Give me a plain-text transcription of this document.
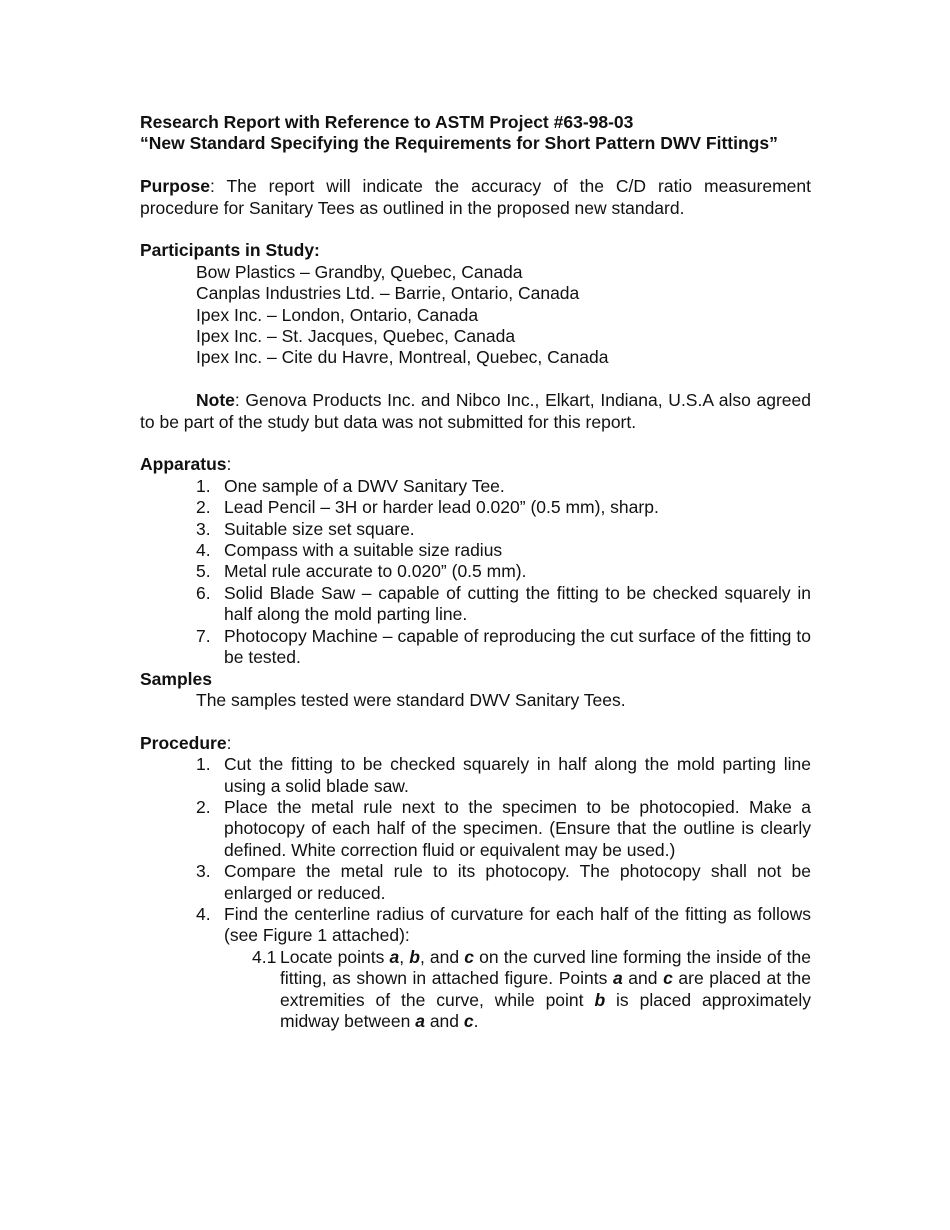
Research Report with Reference to ASTM Project #63-98-03
“New Standard Specifying the Requirements for Short Pattern DWV Fittings”
Purpose: The report will indicate the accuracy of the C/D ratio measurement procedure for Sanitary Tees as outlined in the proposed new standard.
Participants in Study:
Bow Plastics – Grandby, Quebec, Canada
Canplas Industries Ltd. – Barrie, Ontario, Canada
Ipex Inc. – London, Ontario, Canada
Ipex Inc. – St. Jacques, Quebec, Canada
Ipex Inc. – Cite du Havre, Montreal, Quebec, Canada
Note: Genova Products Inc. and Nibco Inc., Elkart, Indiana, U.S.A also agreed to be part of the study but data was not submitted for this report.
Apparatus:
1. One sample of a DWV Sanitary Tee.
2. Lead Pencil – 3H or harder lead 0.020” (0.5 mm), sharp.
3. Suitable size set square.
4. Compass with a suitable size radius
5. Metal rule accurate to 0.020” (0.5 mm).
6. Solid Blade Saw – capable of cutting the fitting to be checked squarely in half along the mold parting line.
7. Photocopy Machine – capable of reproducing the cut surface of the fitting to be tested.
Samples
The samples tested were standard DWV Sanitary Tees.
Procedure:
1. Cut the fitting to be checked squarely in half along the mold parting line using a solid blade saw.
2. Place the metal rule next to the specimen to be photocopied. Make a photocopy of each half of the specimen. (Ensure that the outline is clearly defined. White correction fluid or equivalent may be used.)
3. Compare the metal rule to its photocopy. The photocopy shall not be enlarged or reduced.
4. Find the centerline radius of curvature for each half of the fitting as follows (see Figure 1 attached):
4.1 Locate points a, b, and c on the curved line forming the inside of the fitting, as shown in attached figure. Points a and c are placed at the extremities of the curve, while point b is placed approximately midway between a and c.
